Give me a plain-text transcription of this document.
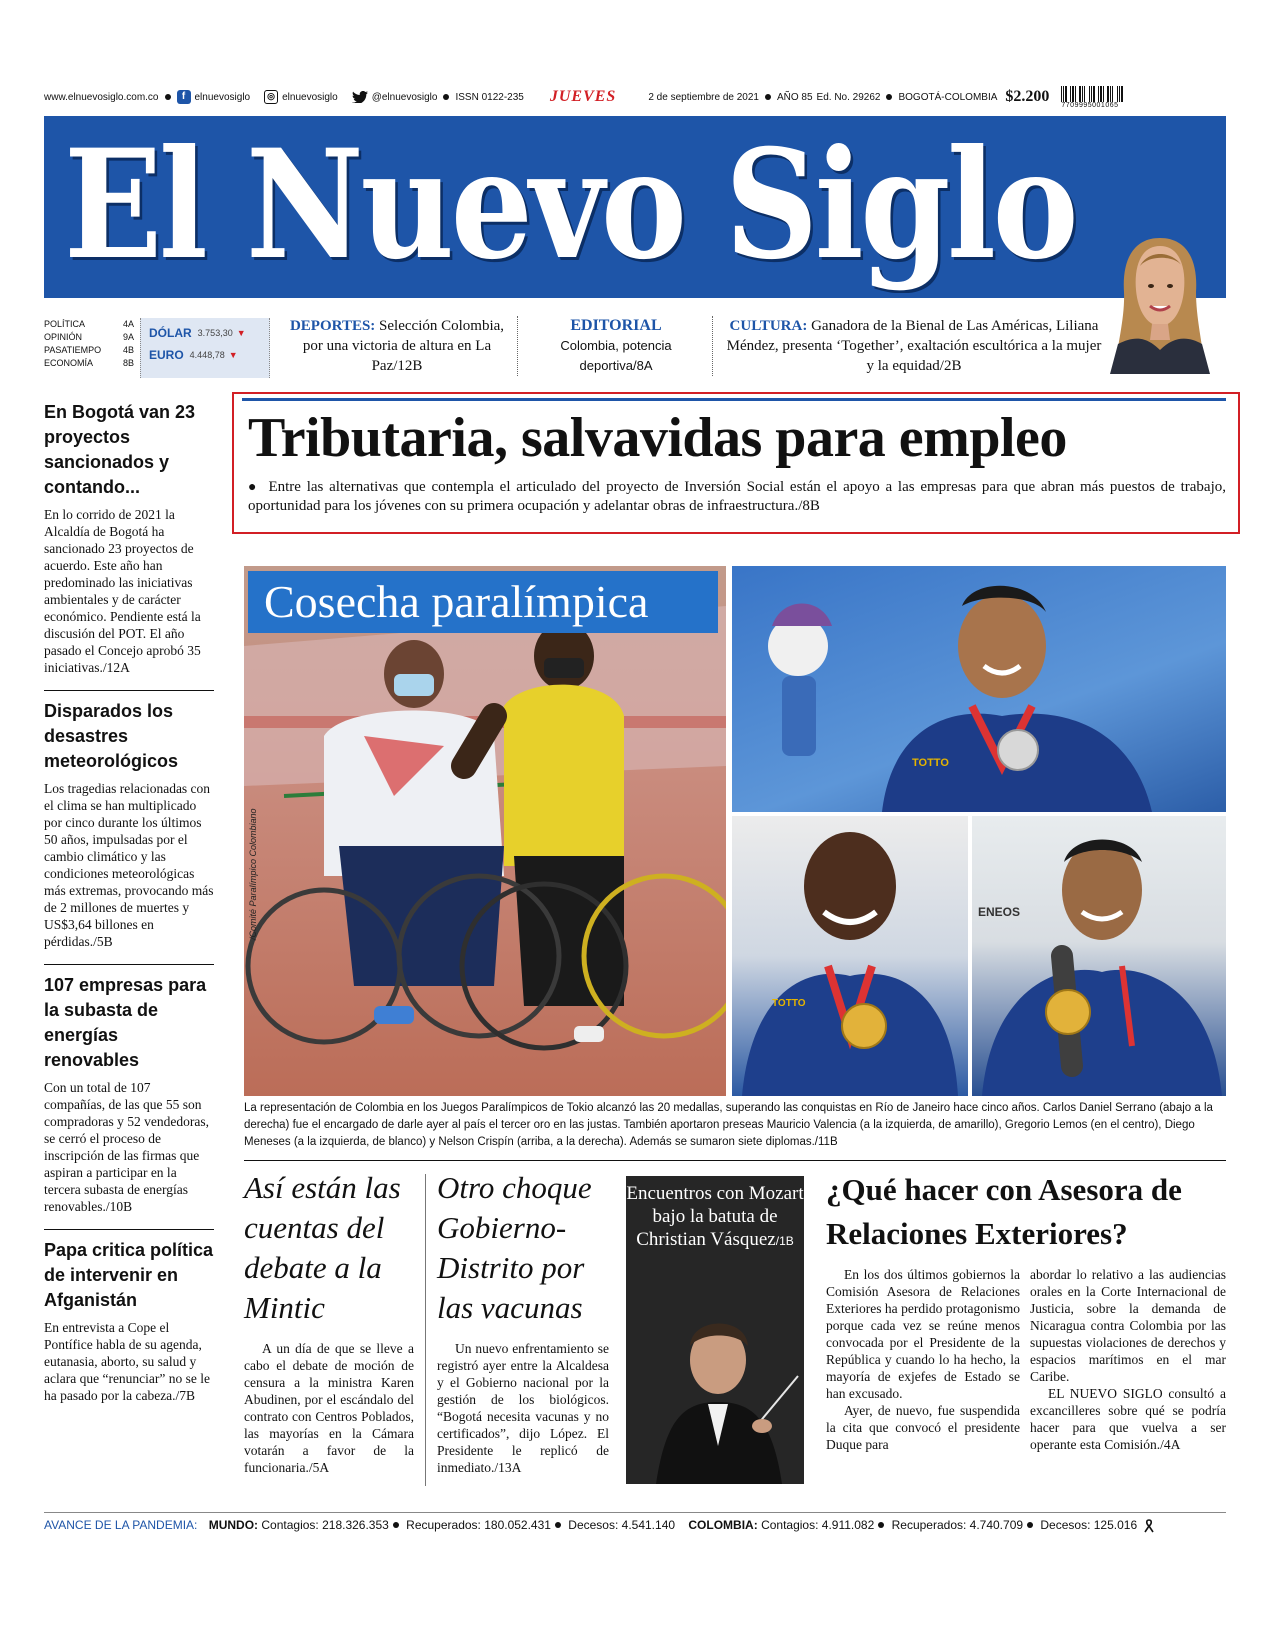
www.elnuevosiglo.com.co	f elnuevosiglo	◎ elnuevosiglo	@elnuevosiglo ISSN 0122-235 JUEVES	2 de septiembre de 2021 AÑO 85 Ed. No. 29262 BOGOTÁ-COLOMBIA $2.200 7709995001065
El Nuevo Siglo
POLÍTICA	4A
OPINIÓN	9A
PASATIEMPO 4B
ECONOMÍA	8B
DÓLAR 3.753,30 ▼
EURO 4.448,78 ▼
DEPORTES: Selección Colombia, por una victoria de altura en La Paz/12B
EDITORIAL
Colombia, potencia deportiva/8A
CULTURA: Ganadora de la Bienal de Las Américas, Liliana Méndez, presenta ‘Together’, exaltación escultórica a la mujer y la equidad/2B
Tributaria, salvavidas para empleo
● Entre las alternativas que contempla el articulado del proyecto de Inversión Social están el apoyo a las empresas para que abran más puestos de trabajo, oportunidad para los jóvenes con su primera ocupación y adelantar obras de infraestructura./8B
En Bogotá van 23 proyectos sancionados y contando...
En lo corrido de 2021 la Alcaldía de Bogotá ha sancionado 23 proyectos de acuerdo. Este año han predominado las iniciativas ambientales y de carácter económico. Pendiente está la discusión del POT. El año pasado el Concejo aprobó 35 iniciativas./12A
Disparados los desastres meteorológicos
Los tragedias relacionadas con el clima se han multiplicado por cinco durante los últimos 50 años, impulsadas por el cambio climático y las condiciones meteorológicas más extremas, provocando más de 2 millones de muertes y US$3,64 billones en pérdidas./5B
107 empresas para la subasta de energías renovables
Con un total de 107 compañías, de las que 55 son compradoras y 52 vendedoras, se cerró el proceso de inscripción de las firmas que aspiran a participar en la tercera subasta de energías renovables./10B
Papa critica política de intervenir en Afganistán
En entrevista a Cope el Pontífice habla de su agenda, eutanasia, aborto, su salud y aclara que “renunciar” no se le ha pasado por la cabeza./7B
Cosecha paralímpica
/Comité Paralímpico Colombiano
TOTTO
TOTTO
ENEOS
La representación de Colombia en los Juegos Paralímpicos de Tokio alcanzó las 20 medallas, superando las conquistas en Río de Janeiro hace cinco años. Carlos Daniel Serrano (abajo a la derecha) fue el encargado de darle ayer al país el tercer oro en las justas. También aportaron preseas Mauricio Valencia (a la izquierda, de amarillo), Gregorio Lemos (en el centro), Diego Meneses (a la izquierda, de blanco) y Nelson Crispín (arriba, a la derecha). Además se sumaron siete diplomas./11B
Así están las cuentas del debate a la Mintic
A un día de que se lleve a cabo el debate de moción de censura a la ministra Karen Abudinen, por el escándalo del contrato con Centros Poblados, las mayorías en la Cámara votarán a favor de la funcionaria./5A
Otro choque Gobierno-Distrito por las vacunas
Un nuevo enfrentamiento se registró ayer entre la Alcaldesa y el Gobierno nacional por la gestión de los biológicos. “Bogotá necesita vacunas y no certificados”, dijo López. El Presidente le replicó de inmediato./13A
Encuentros con Mozart bajo la batuta de Christian Vásquez/1B
¿Qué hacer con Asesora de Relaciones Exteriores?

En los dos últimos gobiernos la Comisión Asesora de Relaciones Exteriores ha perdido protagonismo porque cada vez se reúne menos convocada por el Presidente de la República y cuando lo ha hecho, la mayoría de exjefes de Estado se han excusado.

Ayer, de nuevo, fue suspendida la cita que convocó el presidente Duque para

abordar lo relativo a las audiencias orales en la Corte Internacional de Justicia, sobre la demanda de Nicaragua contra Colombia por las supuestas violaciones de derechos y espacios marítimos en el mar Caribe.

EL NUEVO SIGLO consultó a excancilleres sobre qué se podría hacer para que vuelva a ser operante esta Comisión./4A

AVANCE DE LA PANDEMIA: MUNDO: Contagios: 218.326.353 Recuperados: 180.052.431 Decesos: 4.541.140 COLOMBIA: Contagios: 4.911.082 Recuperados: 4.740.709 Decesos: 125.016
